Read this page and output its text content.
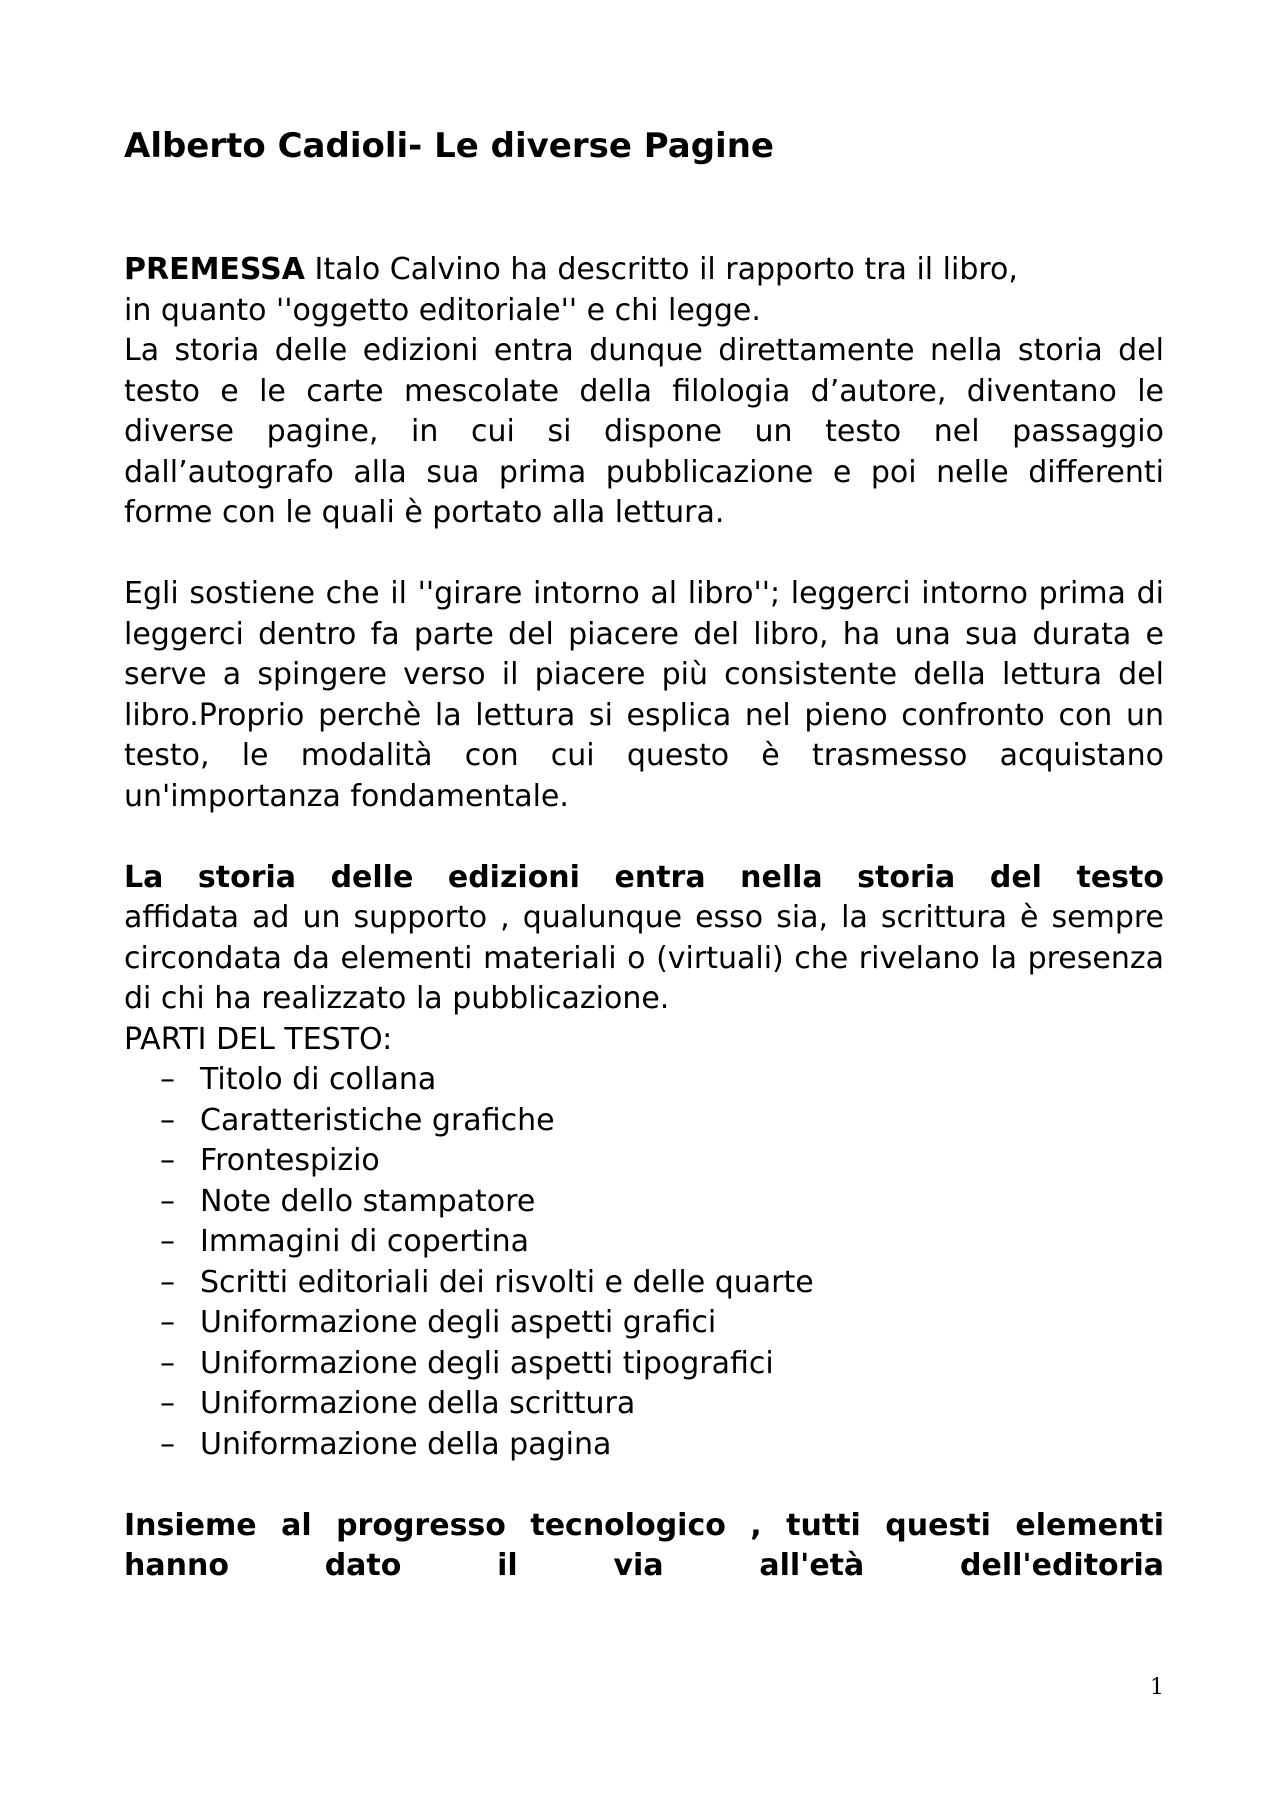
Alberto Cadioli- Le diverse Pagine

PREMESSA Italo Calvino ha descritto il rapporto tra il libro,

in quanto ''oggetto editoriale'' e chi legge.

La storia delle edizioni entra dunque direttamente nella storia del testo e le carte mescolate della filologia d’autore, diventano le diverse pagine, in cui si dispone un testo nel passaggio dall’autografo alla sua prima pubblicazione e poi nelle differenti forme con le quali è portato alla lettura.

Egli sostiene che il ''girare intorno al libro''; leggerci intorno prima di leggerci dentro fa parte del piacere del libro, ha una sua durata e serve a spingere verso il piacere più consistente della lettura del libro.Proprio perchè la lettura si esplica nel pieno confronto con un testo, le modalità con cui questo è trasmesso acquistano un'importanza fondamentale.

La storia delle edizioni entra nella storia del testo

affidata ad un supporto , qualunque esso sia, la scrittura è sempre circondata da elementi materiali o (virtuali) che rivelano la presenza di chi ha realizzato la pubblicazione.

PARTI DEL TESTO:

– Titolo di collana
– Caratteristiche grafiche
– Frontespizio
– Note dello stampatore
– Immagini di copertina
– Scritti editoriali dei risvolti e delle quarte
– Uniformazione degli aspetti grafici
– Uniformazione degli aspetti tipografici
– Uniformazione della scrittura
– Uniformazione della pagina

Insieme al progresso tecnologico , tutti questi elementi hanno dato il via all'età dell'editoria

1
